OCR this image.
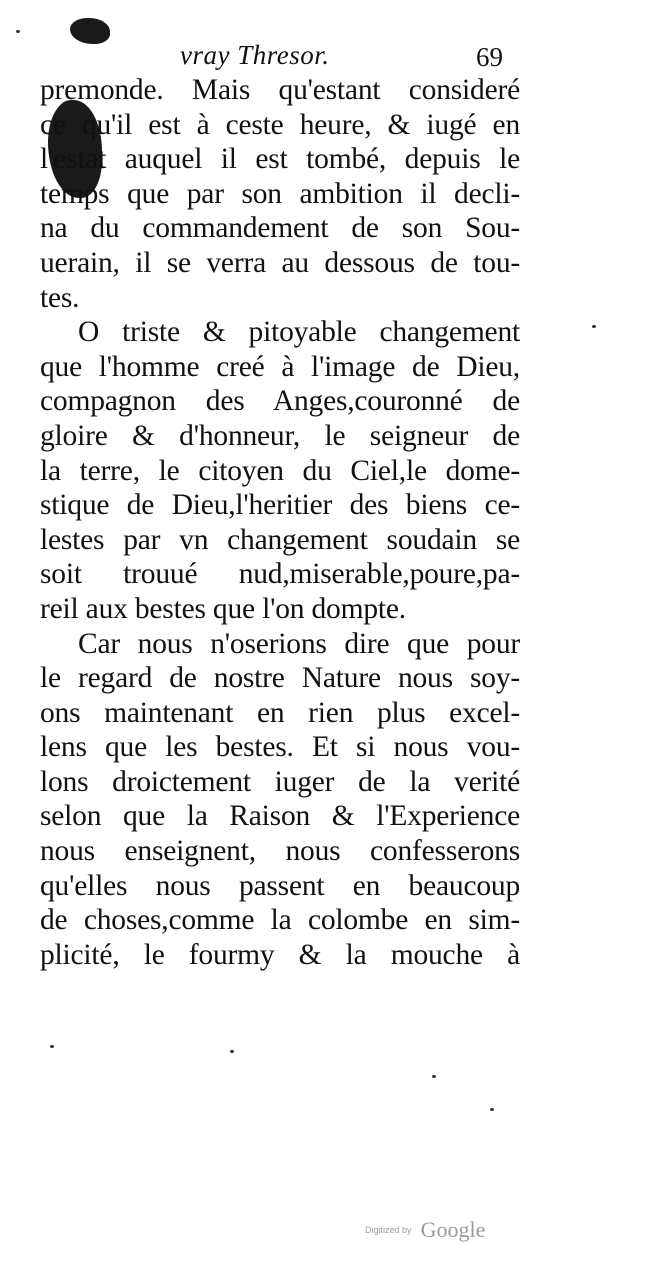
vray Thresor.	69
premonde. Mais qu'estant consideré
ce qu'il est à ceste heure, & iugé en
l'estat auquel il est tombé, depuis le
temps que par son ambition il decli-
na du commandement de son Sou-
uerain, il se verra au dessous de tou-
tes.
O triste & pitoyable changement
que l'homme creé à l'image de Dieu,
compagnon des Anges,couronné de
gloire & d'honneur, le seigneur de
la terre, le citoyen du Ciel,le dome-
stique de Dieu,l'heritier des biens ce-
lestes par vn changement soudain se
soit trouué nud,miserable,poure,pa-
reil aux bestes que l'on dompte.
Car nous n'oserions dire que pour
le regard de nostre Nature nous soy-
ons maintenant en rien plus excel-
lens que les bestes. Et si nous vou-
lons droictement iuger de la verité
selon que la Raison & l'Experience
nous enseignent, nous confesserons
qu'elles nous passent en beaucoup
de choses,comme la colombe en sim-
plicité, le fourmy & la mouche à
Digitized by Google
